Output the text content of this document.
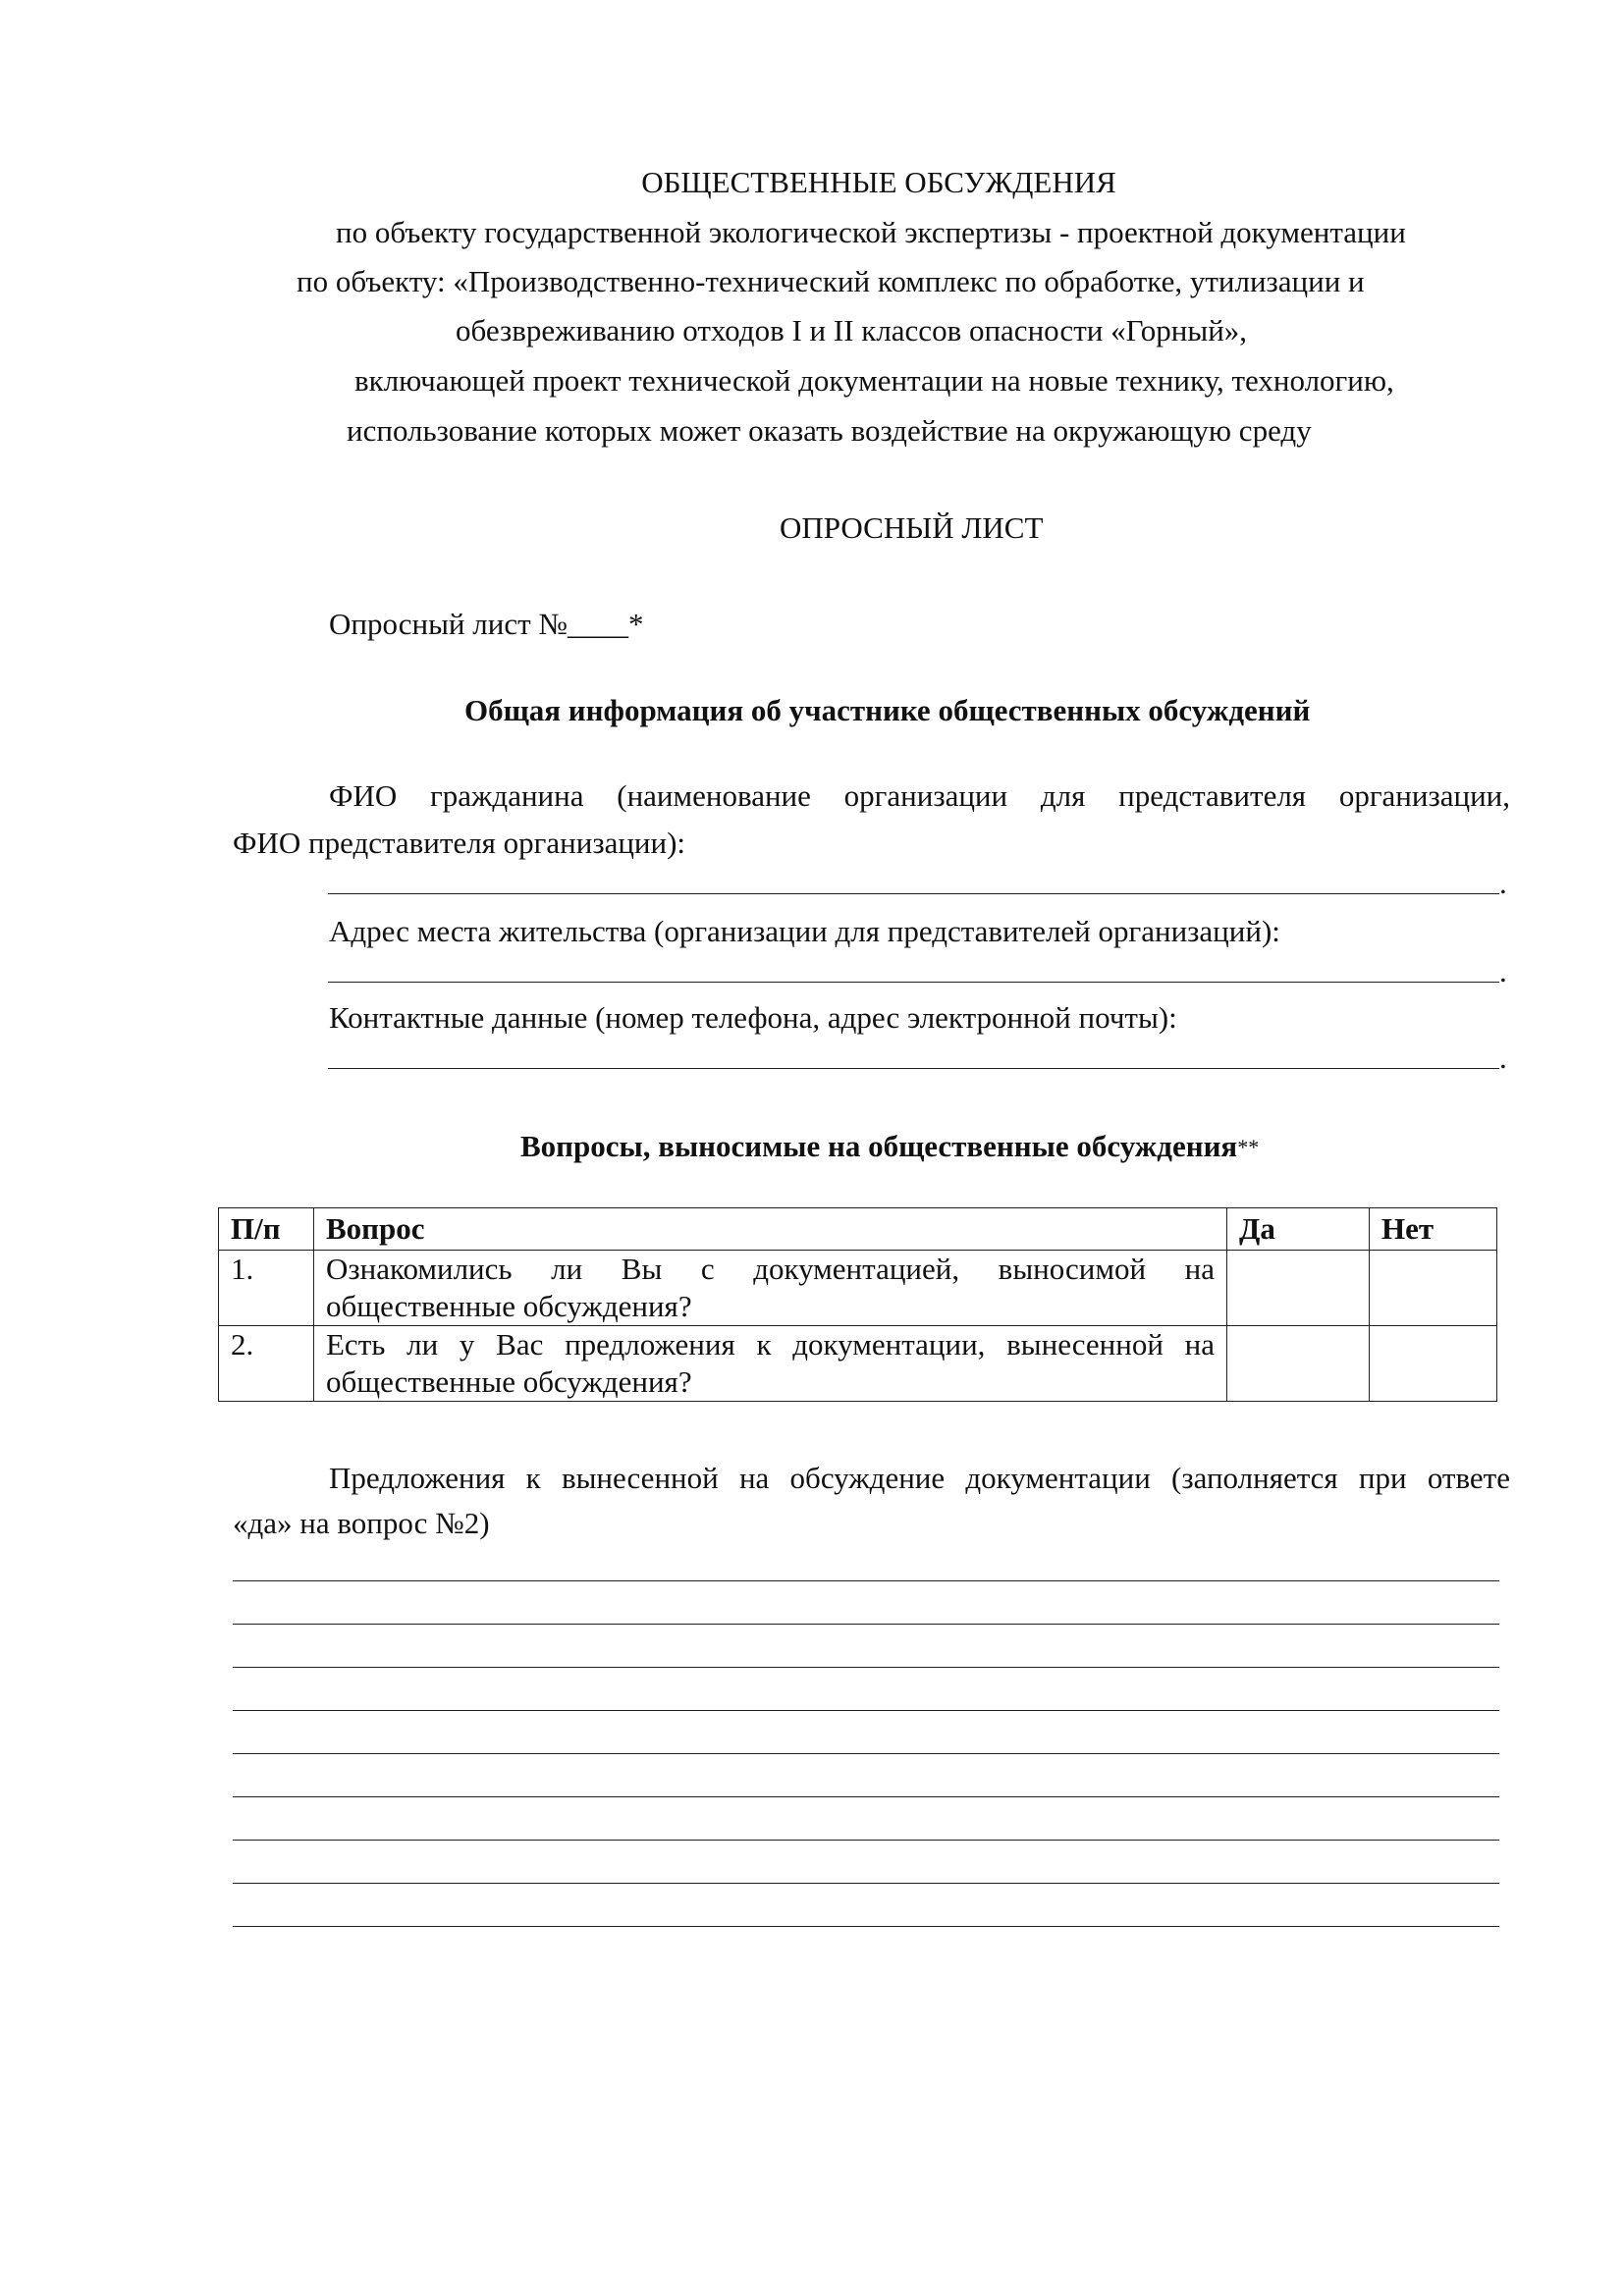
ОБЩЕСТВЕННЫЕ ОБСУЖДЕНИЯ
по объекту государственной экологической экспертизы - проектной документации
по объекту: «Производственно-технический комплекс по обработке, утилизации и
обезвреживанию отходов I и II классов опасности «Горный»,
включающей проект технической документации на новые технику, технологию,
использование которых может оказать воздействие на окружающую среду
ОПРОСНЫЙ ЛИСТ
Опросный лист №____*
Общая информация об участнике общественных обсуждений
ФИО гражданина (наименование организации для представителя организации,
ФИО представителя организации):
.
Адрес места жительства (организации для представителей организаций):
.
Контактные данные (номер телефона, адрес электронной почты):
.
Вопросы, выносимые на общественные обсуждения**
П/п	Вопрос	Да	Нет
1.	Ознакомились ли Вы с документацией, выносимой на
общественные обсуждения?		

2.	Есть ли у Вас предложения к документации, вынесенной на
общественные обсуждения?		

Предложения к вынесенной на обсуждение документации (заполняется при ответе
«да» на вопрос №2)
